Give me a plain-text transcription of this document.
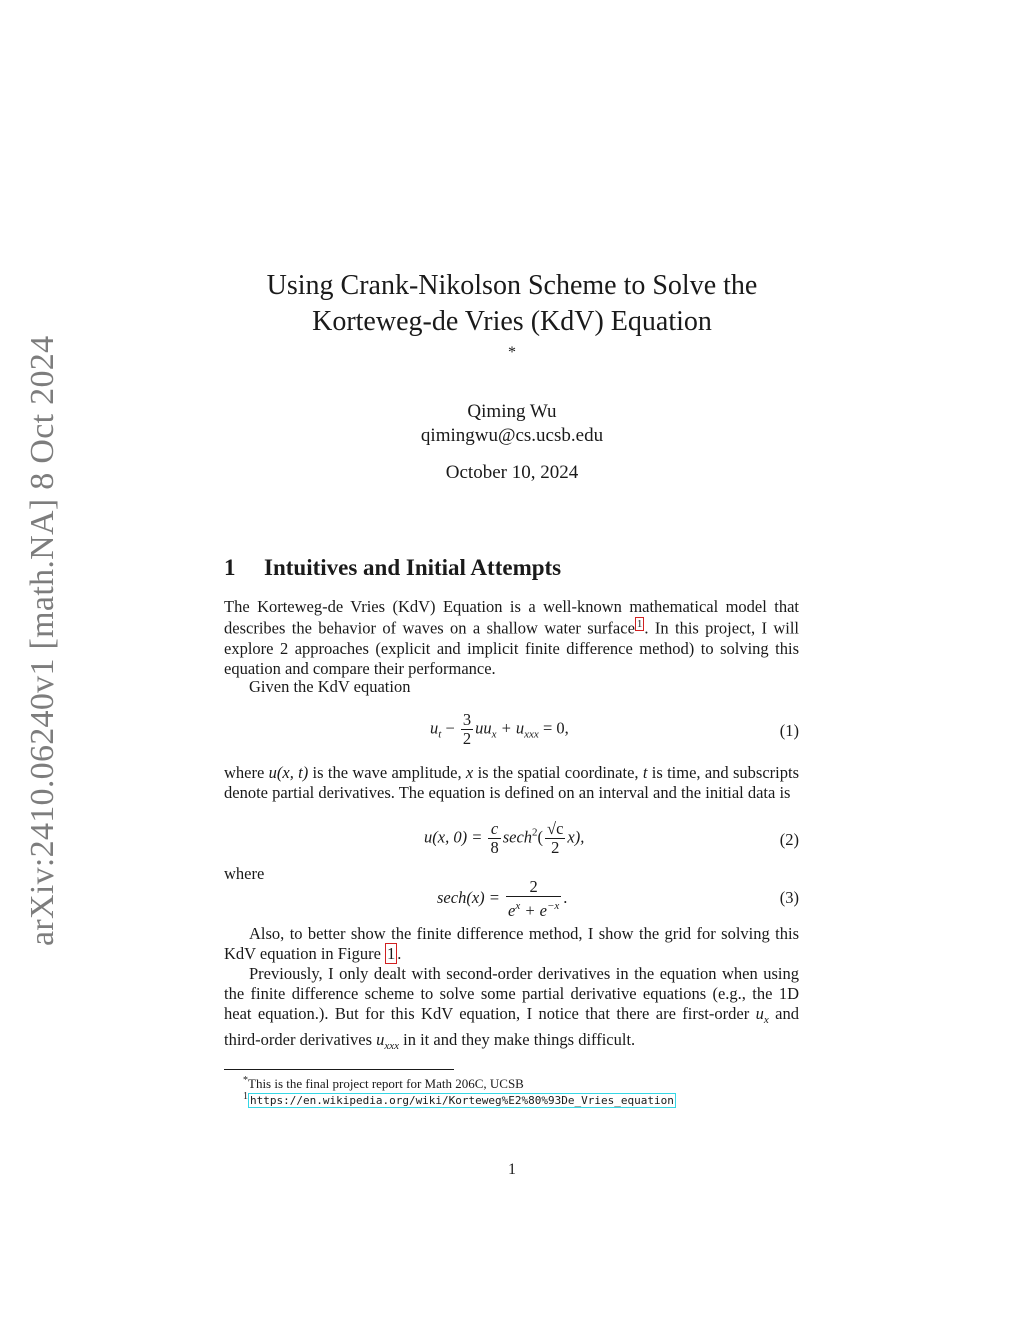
arXiv:2410.06240v1 [math.NA] 8 Oct 2024
Using Crank-Nikolson Scheme to Solve the
Korteweg-de Vries (KdV) Equation
*
Qiming Wu
qimingwu@cs.ucsb.edu
October 10, 2024
1 Intuitives and Initial Attempts
The Korteweg-de Vries (KdV) Equation is a well-known mathematical model that describes the behavior of waves on a shallow water surface $^1$ . In this project, I will explore 2 approaches (explicit and implicit finite difference method) to solving this equation and compare their performance.
Given the KdV equation
$u_t - \frac{3}{2} uu_x + u_{xxx} = 0$,	(1)
where u(x, t) is the wave amplitude, x is the spatial coordinate, t is time, and subscripts denote partial derivatives. The equation is defined on an interval and the initial data is
u(x, $0) = \frac{c}{8} \sec h^2( \frac{√c}{2} x)$,	(2)
where
$\sec h(x) = \frac{2}{e^x + e^{-x}}$ .	(3)
Also, to better show the finite difference method, I show the grid for solving this KdV equation in Figure 1 .
Previously, I only dealt with second-order derivatives in the equation when using the finite difference scheme to solve some partial derivative equations (e.g., the 1D heat equation.). But for this KdV equation, I notice that there are first-order $u_x$ and third-order derivatives $u_{xxx}$ in it and they make things difficult.
*This is the final project report for Math 206C, UCSB
$^1$ https://en.wikipedia.org/wiki/Korteweg%E2%80%93De_Vries_equation
1
